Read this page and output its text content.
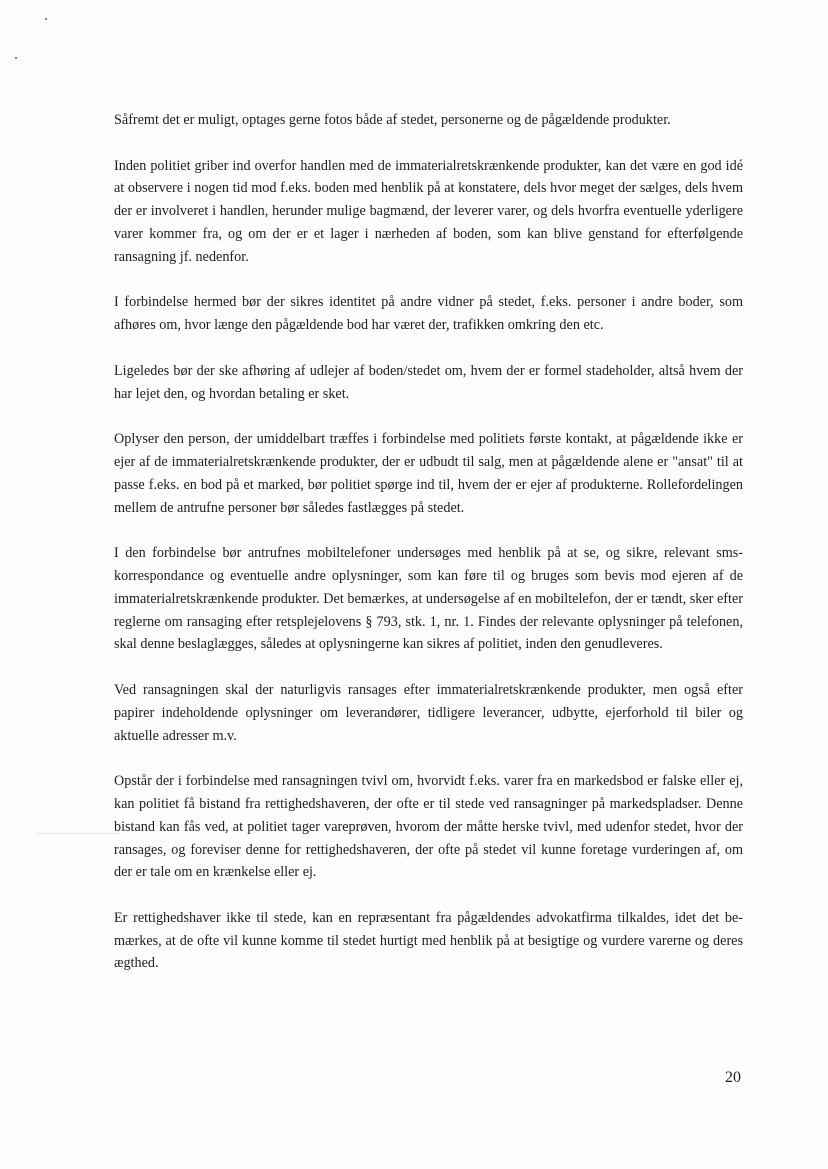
Såfremt det er muligt, optages gerne fotos både af stedet, personerne og de pågældende produkter.

Inden politiet griber ind overfor handlen med de immaterialretskrænkende produkter, kan det være en god idé at observere i nogen tid mod f.eks. boden med henblik på at konstatere, dels hvor meget der sælges, dels hvem der er involveret i handlen, herunder mulige bagmænd, der leverer varer, og dels hvorfra eventuelle yderligere varer kommer fra, og om der er et lager i nærheden af boden, som kan blive genstand for efterfølgende ransagning jf. nedenfor.

I forbindelse hermed bør der sikres identitet på andre vidner på stedet, f.eks. personer i andre boder, som afhøres om, hvor længe den pågældende bod har været der, trafikken omkring den etc.

Ligeledes bør der ske afhøring af udlejer af boden/stedet om, hvem der er formel stadeholder, altså hvem der har lejet den, og hvordan betaling er sket.

Oplyser den person, der umiddelbart træffes i forbindelse med politiets første kontakt, at pågældende ikke er ejer af de immaterialretskrænkende produkter, der er udbudt til salg, men at pågældende alene er "ansat" til at passe f.eks. en bod på et marked, bør politiet spørge ind til, hvem der er ejer af produkterne. Rollefordelingen mellem de antrufne personer bør således fastlægges på stedet.

I den forbindelse bør antrufnes mobiltelefoner undersøges med henblik på at se, og sikre, relevant sms-korrespondance og eventuelle andre oplysninger, som kan føre til og bruges som bevis mod ejeren af de immaterialretskrænkende produkter. Det bemærkes, at undersøgelse af en mobiltelefon, der er tændt, sker efter reglerne om ransaging efter retsplejelovens § 793, stk. 1, nr. 1. Findes der relevante oplysninger på telefonen, skal denne beslaglægges, således at oplysningerne kan sikres af politiet, inden den genudleveres.

Ved ransagningen skal der naturligvis ransages efter immaterialretskrænkende produkter, men også efter papirer indeholdende oplysninger om leverandører, tidligere leverancer, udbytte, ejerforhold til biler og aktuelle adresser m.v.

Opstår der i forbindelse med ransagningen tvivl om, hvorvidt f.eks. varer fra en markedsbod er falske eller ej, kan politiet få bistand fra rettighedshaveren, der ofte er til stede ved ransagninger på markedspladser. Denne bistand kan fås ved, at politiet tager vareprøven, hvorom der måtte herske tvivl, med udenfor stedet, hvor der ransages, og foreviser denne for rettighedshaveren, der ofte på stedet vil kunne foretage vurderingen af, om der er tale om en krænkelse eller ej.

Er rettighedshaver ikke til stede, kan en repræsentant fra pågældendes advokatfirma tilkaldes, idet det bemærkes, at de ofte vil kunne komme til stedet hurtigt med henblik på at besigtige og vurdere varerne og deres ægthed.

20
